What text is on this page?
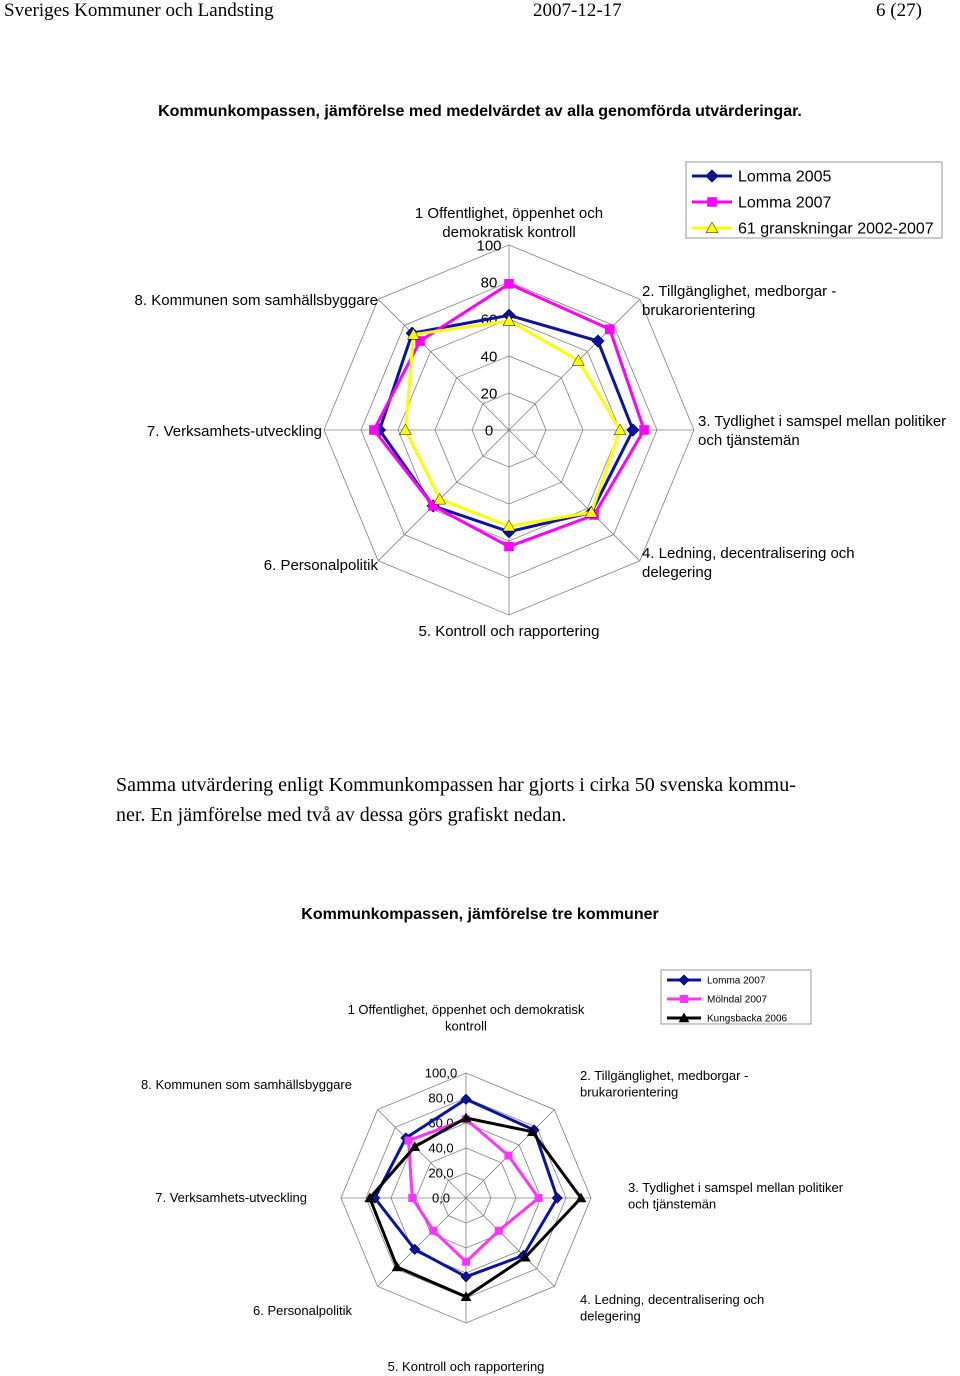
Sveriges Kommuner och Landsting	2007-12-17	6 (27)
Kommunkompassen, jämförelse med medelvärdet av alla genomförda utvärderingar.
100
80
60
40
20
0
1 Offentlighet, öppenhet och demokratisk kontroll
2. Tillgänglighet, medborgar -brukarorientering
3. Tydlighet i samspel mellan politiker och tjänstemän
4. Ledning, decentralisering och delegering
5. Kontroll och rapportering
6. Personalpolitik
7. Verksamhets-utveckling
8. Kommunen som samhällsbyggare
Lomma 2005
Lomma 2007
61 granskningar 2002-2007
Samma utvärdering enligt Kommunkompassen har gjorts i cirka 50 svenska kommu-
ner. En jämförelse med två av dessa görs grafiskt nedan.
Kommunkompassen, jämförelse tre kommuner
100,0
80,0
60,0
40,0
20,0
0,0
1 Offentlighet, öppenhet och demokratisk kontroll
2. Tillgänglighet, medborgar -brukarorientering
3. Tydlighet i samspel mellan politiker och tjänstemän
4. Ledning, decentralisering och delegering
5. Kontroll och rapportering
6. Personalpolitik
7. Verksamhets-utveckling
8. Kommunen som samhällsbyggare
Lomma 2007
Mölndal 2007
Kungsbacka 2006
